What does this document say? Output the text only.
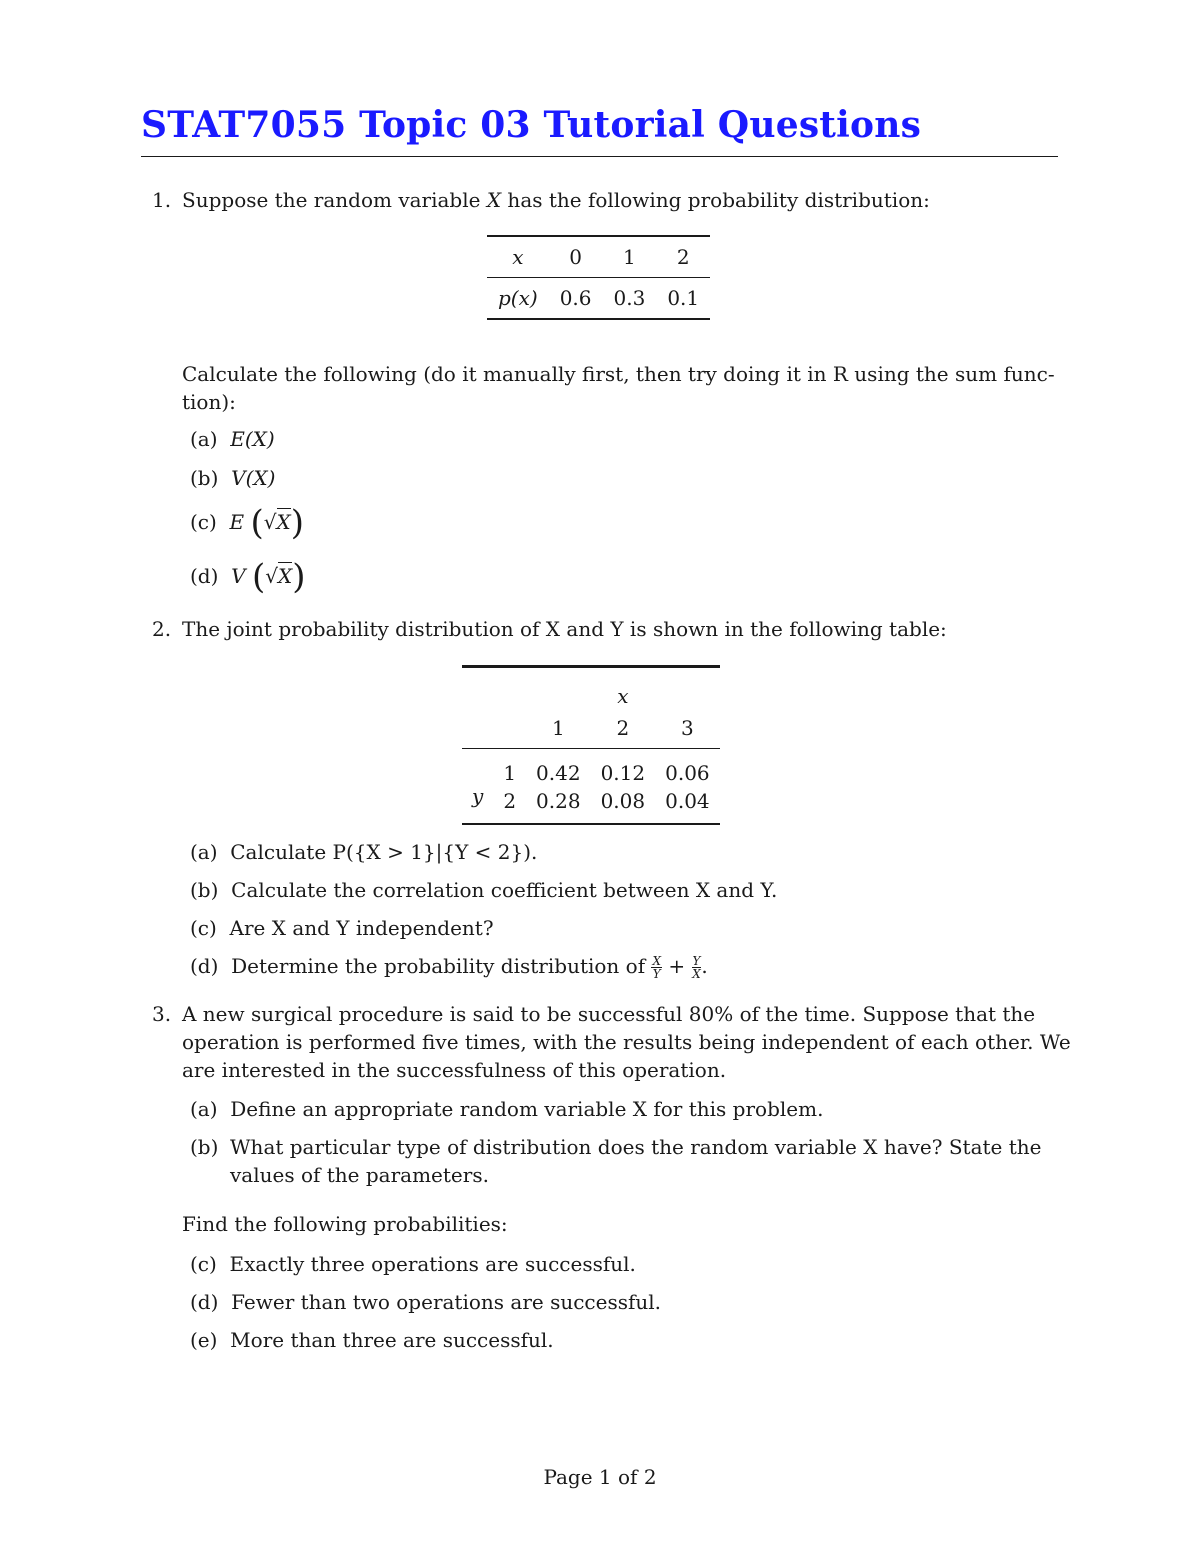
STAT7055 Topic 03 Tutorial Questions
1. Suppose the random variable X has the following probability distribution:
x	0	1	2
p(x)	0.6	0.3	0.1
Calculate the following (do it manually first, then try doing it in R using the sum func-
tion):
(a) E(X)
(b) V(X)
(c) E (√X)
(d) V (√X)
2. The joint probability distribution of X and Y is shown in the following table:
		x		
		1	2	3
y	1	0.42	0.12	0.06
	2	0.28	0.08	0.04
(a) Calculate P({X > 1}|{Y < 2}).
(b) Calculate the correlation coefficient between X and Y.
(c) Are X and Y independent?
(d) Determine the probability distribution of $\frac{X}{Y} + \frac{Y}{X}$ .
3. A new surgical procedure is said to be successful 80% of the time. Suppose that the
operation is performed five times, with the results being independent of each other. We
are interested in the successfulness of this operation.
(a) Define an appropriate random variable X for this problem.
(b) What particular type of distribution does the random variable X have? State the
values of the parameters.
Find the following probabilities:
(c) Exactly three operations are successful.
(d) Fewer than two operations are successful.
(e) More than three are successful.
Page 1 of 2
